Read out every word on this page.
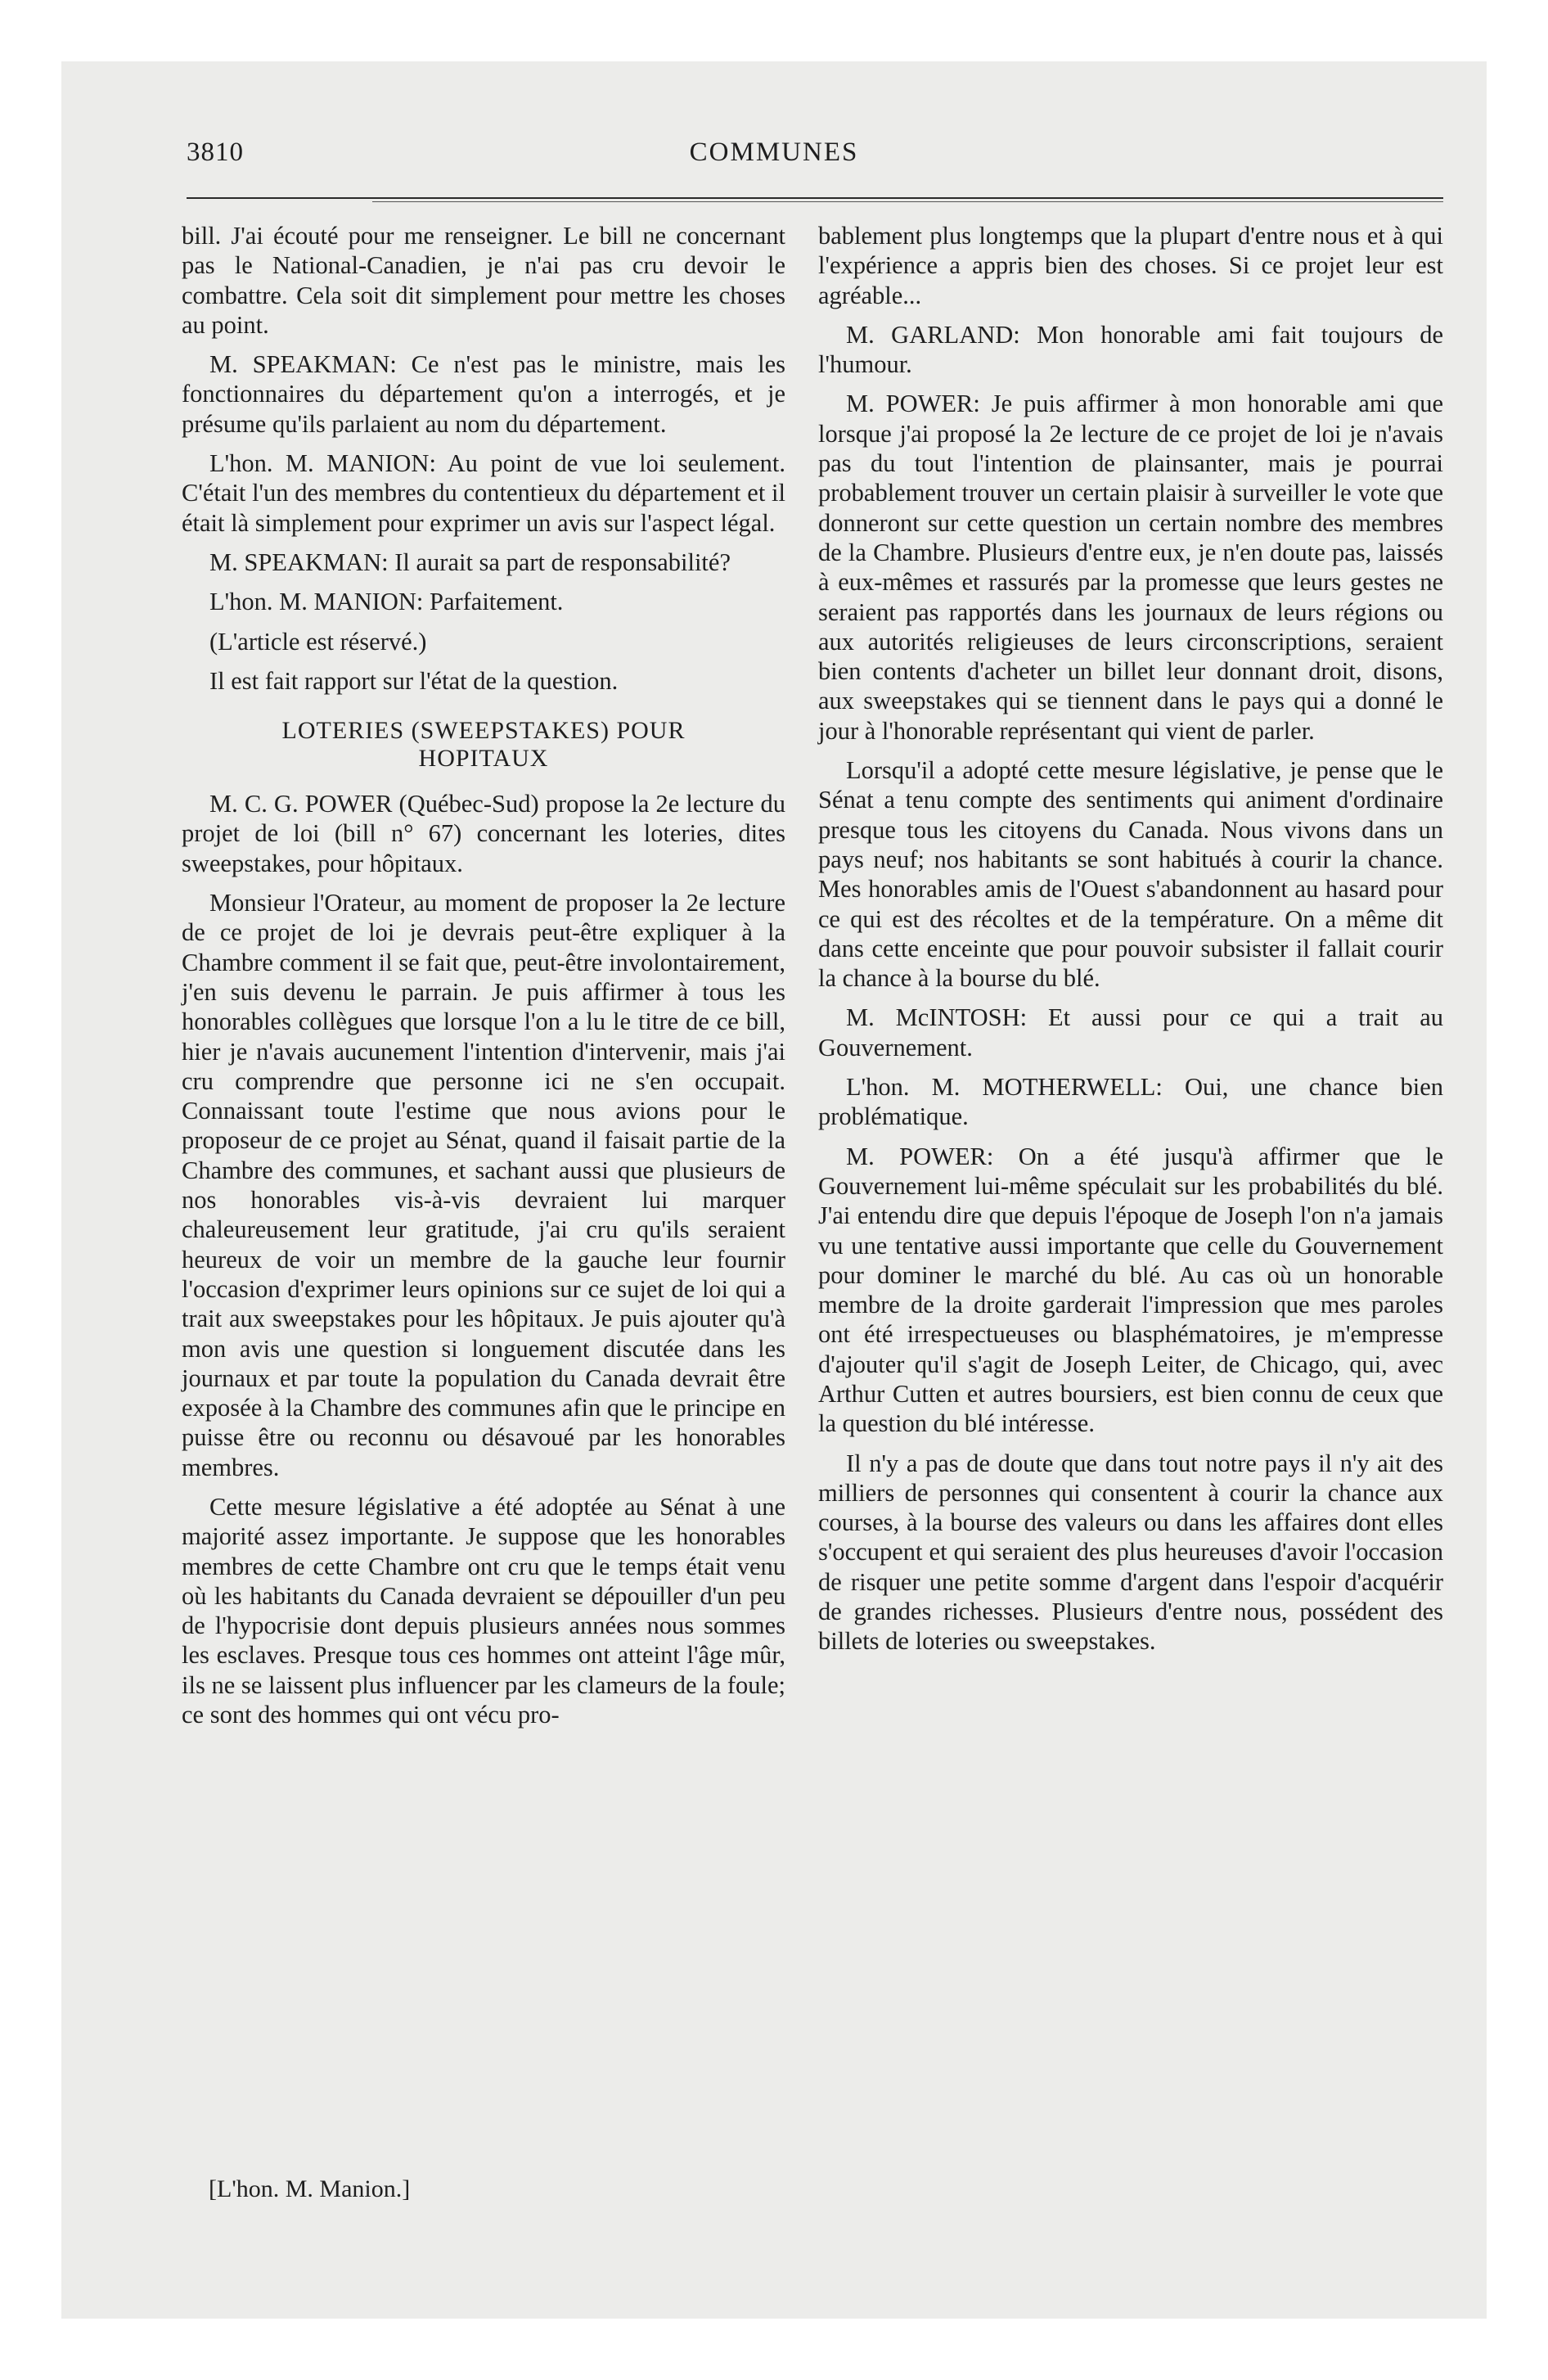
3810	COMMUNES

bill. J'ai écouté pour me renseigner. Le bill ne concernant pas le National-Canadien, je n'ai pas cru devoir le combattre. Cela soit dit simplement pour mettre les choses au point.

M. SPEAKMAN: Ce n'est pas le ministre, mais les fonctionnaires du département qu'on a interrogés, et je présume qu'ils parlaient au nom du département.

L'hon. M. MANION: Au point de vue loi seulement. C'était l'un des membres du contentieux du département et il était là simplement pour exprimer un avis sur l'aspect légal.

M. SPEAKMAN: Il aurait sa part de responsabilité?

L'hon. M. MANION: Parfaitement.

(L'article est réservé.)

Il est fait rapport sur l'état de la question.

LOTERIES (SWEEPSTAKES) POUR HOPITAUX

M. C. G. POWER (Québec-Sud) propose la 2e lecture du projet de loi (bill n° 67) concernant les loteries, dites sweepstakes, pour hôpitaux.

Monsieur l'Orateur, au moment de proposer la 2e lecture de ce projet de loi je devrais peut-être expliquer à la Chambre comment il se fait que, peut-être involontairement, j'en suis devenu le parrain. Je puis affirmer à tous les honorables collègues que lorsque l'on a lu le titre de ce bill, hier je n'avais aucunement l'intention d'intervenir, mais j'ai cru comprendre que personne ici ne s'en occupait. Connaissant toute l'estime que nous avions pour le proposeur de ce projet au Sénat, quand il faisait partie de la Chambre des communes, et sachant aussi que plusieurs de nos honorables vis-à-vis devraient lui marquer chaleureusement leur gratitude, j'ai cru qu'ils seraient heureux de voir un membre de la gauche leur fournir l'occasion d'exprimer leurs opinions sur ce sujet de loi qui a trait aux sweepstakes pour les hôpitaux. Je puis ajouter qu'à mon avis une question si longuement discutée dans les journaux et par toute la population du Canada devrait être exposée à la Chambre des communes afin que le principe en puisse être ou reconnu ou désavoué par les honorables membres.

Cette mesure législative a été adoptée au Sénat à une majorité assez importante. Je suppose que les honorables membres de cette Chambre ont cru que le temps était venu où les habitants du Canada devraient se dépouiller d'un peu de l'hypocrisie dont depuis plusieurs années nous sommes les esclaves. Presque tous ces hommes ont atteint l'âge mûr, ils ne se laissent plus influencer par les clameurs de la foule; ce sont des hommes qui ont vécu pro-

[L'hon. M. Manion.]

bablement plus longtemps que la plupart d'entre nous et à qui l'expérience a appris bien des choses. Si ce projet leur est agréable...

M. GARLAND: Mon honorable ami fait toujours de l'humour.

M. POWER: Je puis affirmer à mon honorable ami que lorsque j'ai proposé la 2e lecture de ce projet de loi je n'avais pas du tout l'intention de plainsanter, mais je pourrai probablement trouver un certain plaisir à surveiller le vote que donneront sur cette question un certain nombre des membres de la Chambre. Plusieurs d'entre eux, je n'en doute pas, laissés à eux-mêmes et rassurés par la promesse que leurs gestes ne seraient pas rapportés dans les journaux de leurs régions ou aux autorités religieuses de leurs circonscriptions, seraient bien contents d'acheter un billet leur donnant droit, disons, aux sweepstakes qui se tiennent dans le pays qui a donné le jour à l'honorable représentant qui vient de parler.

Lorsqu'il a adopté cette mesure législative, je pense que le Sénat a tenu compte des sentiments qui animent d'ordinaire presque tous les citoyens du Canada. Nous vivons dans un pays neuf; nos habitants se sont habitués à courir la chance. Mes honorables amis de l'Ouest s'abandonnent au hasard pour ce qui est des récoltes et de la température. On a même dit dans cette enceinte que pour pouvoir subsister il fallait courir la chance à la bourse du blé.

M. McINTOSH: Et aussi pour ce qui a trait au Gouvernement.

L'hon. M. MOTHERWELL: Oui, une chance bien problématique.

M. POWER: On a été jusqu'à affirmer que le Gouvernement lui-même spéculait sur les probabilités du blé. J'ai entendu dire que depuis l'époque de Joseph l'on n'a jamais vu une tentative aussi importante que celle du Gouvernement pour dominer le marché du blé. Au cas où un honorable membre de la droite garderait l'impression que mes paroles ont été irrespectueuses ou blasphématoires, je m'empresse d'ajouter qu'il s'agit de Joseph Leiter, de Chicago, qui, avec Arthur Cutten et autres boursiers, est bien connu de ceux que la question du blé intéresse.

Il n'y a pas de doute que dans tout notre pays il n'y ait des milliers de personnes qui consentent à courir la chance aux courses, à la bourse des valeurs ou dans les affaires dont elles s'occupent et qui seraient des plus heureuses d'avoir l'occasion de risquer une petite somme d'argent dans l'espoir d'acquérir de grandes richesses. Plusieurs d'entre nous, possédent des billets de loteries ou sweepstakes.
